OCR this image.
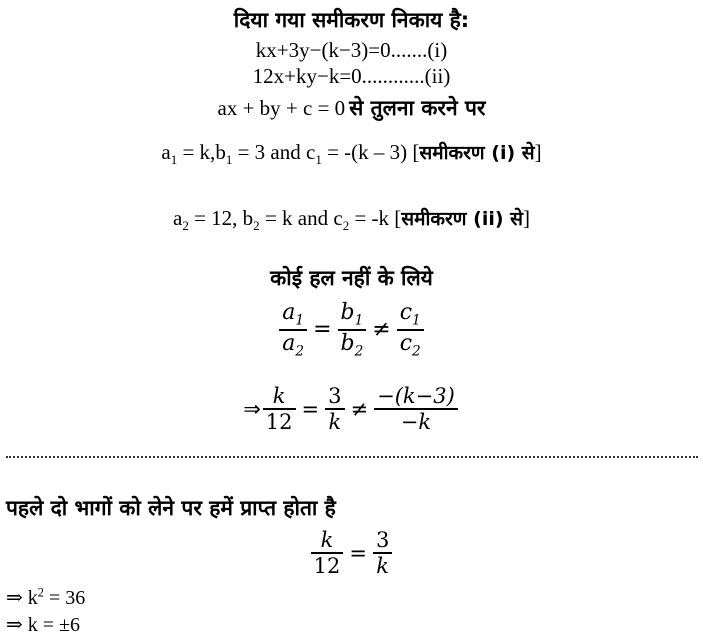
दिया गया समीकरण निकाय है:
kx+3y−(k−3)=0.......(i)
12x+ky−k=0............(ii)
ax + by + c = 0 से तुलना करने पर
$a_1 = k,b_1 = 3$ and $c_1 = -(k - 3)$ [समीकरण (i) से]
$a_2 = 12$, $b_2 = k$ and $c_2 = -k$ [समीकरण (ii) से]
कोई हल नहीं के लिये
$\frac{a_1}{a_2} = \frac{b_1}{b_2} \ne \frac{c_1}{c_2}$
⇒ $\frac{k}{12} = \frac{3}{k} \ne \frac{-(k-3)}{-k}$
पहले दो भागों को लेने पर हमें प्राप्त होता है
$\frac{k}{12} = \frac{3}{k}$
⇒ $k^2 = 36$
⇒ k = ±6
